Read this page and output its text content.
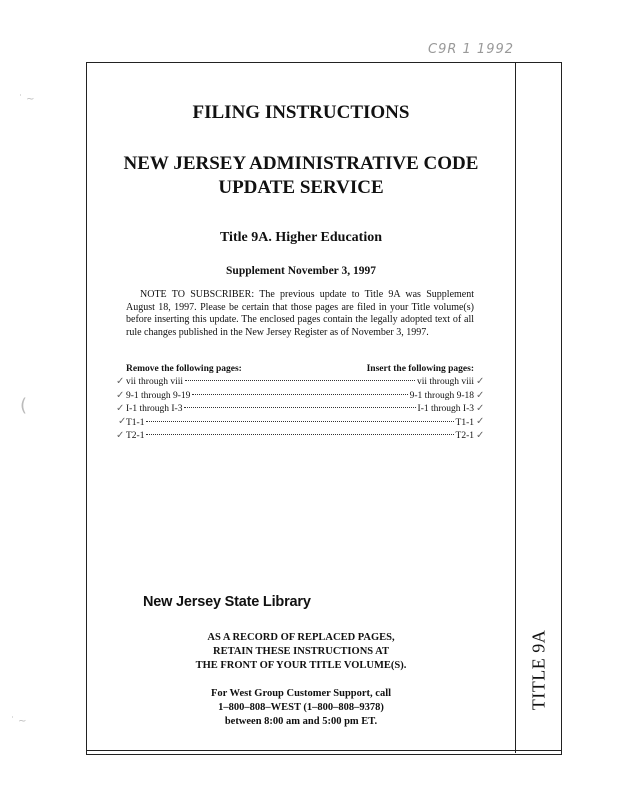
TITLE 9A
C9R 1 1992
˙ ~
(
˙ ~
FILING INSTRUCTIONS
NEW JERSEY ADMINISTRATIVE CODE
UPDATE SERVICE
Title 9A. Higher Education
Supplement November 3, 1997
NOTE TO SUBSCRIBER: The previous update to Title 9A was Supplement August 18, 1997. Please be certain that those pages are filed in your Title volume(s) before inserting this update. The enclosed pages contain the legally adopted text of all rule changes published in the New Jersey Register as of November 3, 1997.
Remove the following pages:	Insert the following pages:
vii through viii	vii through viii
9-1 through 9-19	9-1 through 9-18
I-1 through I-3	I-1 through I-3
T1-1	T1-1
T2-1	T2-1
✓
✓
✓
✓
✓
✓
✓
✓
✓
✓
New Jersey State Library
AS A RECORD OF REPLACED PAGES,
RETAIN THESE INSTRUCTIONS AT
THE FRONT OF YOUR TITLE VOLUME(S).
For West Group Customer Support, call
1–800–808–WEST (1–800–808–9378)
between 8:00 am and 5:00 pm ET.
